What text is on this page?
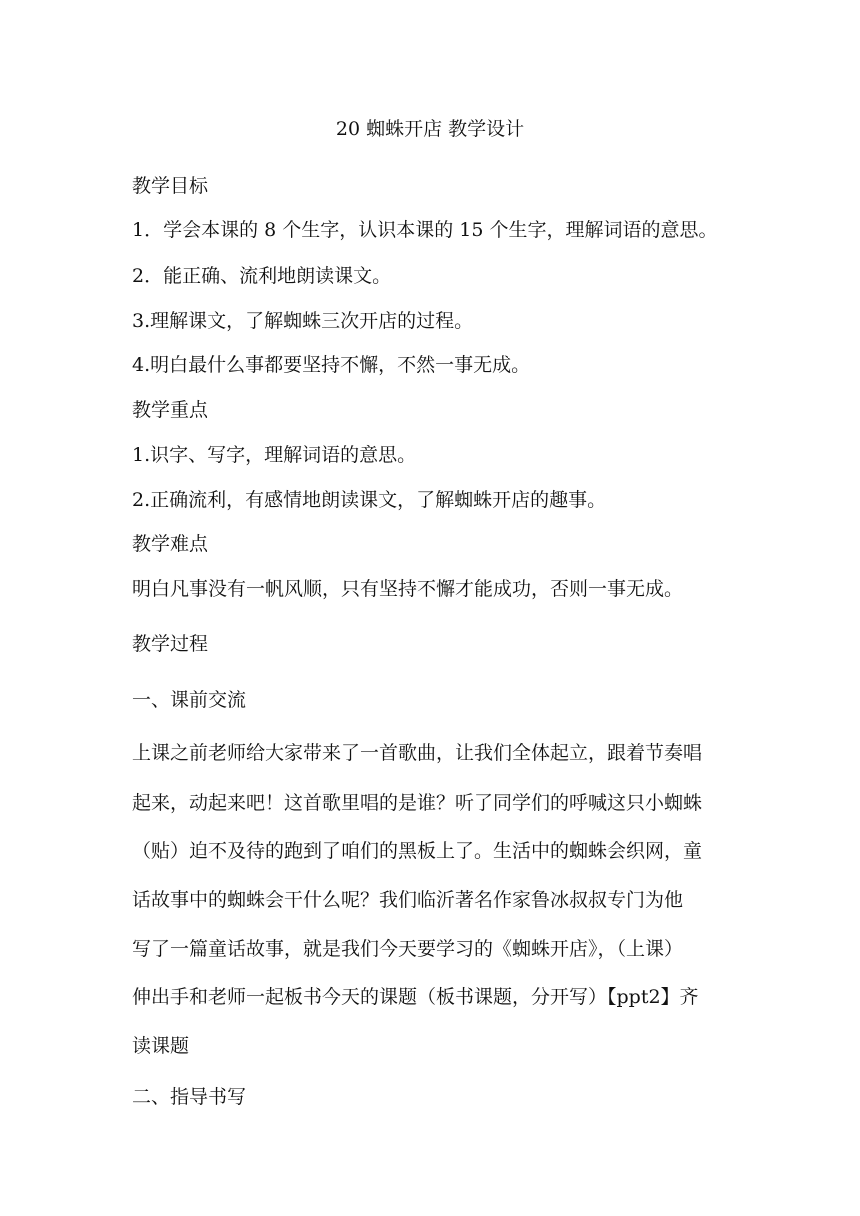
20 蜘蛛开店 教学设计
教学目标
1．学会本课的 8 个生字，认识本课的 15 个生字，理解词语的意思。
2．能正确、流利地朗读课文。
3.理解课文，了解蜘蛛三次开店的过程。
4.明白最什么事都要坚持不懈，不然一事无成。
教学重点
1.识字、写字，理解词语的意思。
2.正确流利，有感情地朗读课文，了解蜘蛛开店的趣事。
教学难点
明白凡事没有一帆风顺，只有坚持不懈才能成功，否则一事无成。
教学过程
一、课前交流
上课之前老师给大家带来了一首歌曲，让我们全体起立，跟着节奏唱
起来，动起来吧！这首歌里唱的是谁？听了同学们的呼喊这只小蜘蛛
（贴）迫不及待的跑到了咱们的黑板上了。生活中的蜘蛛会织网，童
话故事中的蜘蛛会干什么呢？我们临沂著名作家鲁冰叔叔专门为他
写了一篇童话故事，就是我们今天要学习的《蜘蛛开店》，（上课）
伸出手和老师一起板书今天的课题（板书课题，分开写）【ppt2】齐
读课题
二、指导书写
